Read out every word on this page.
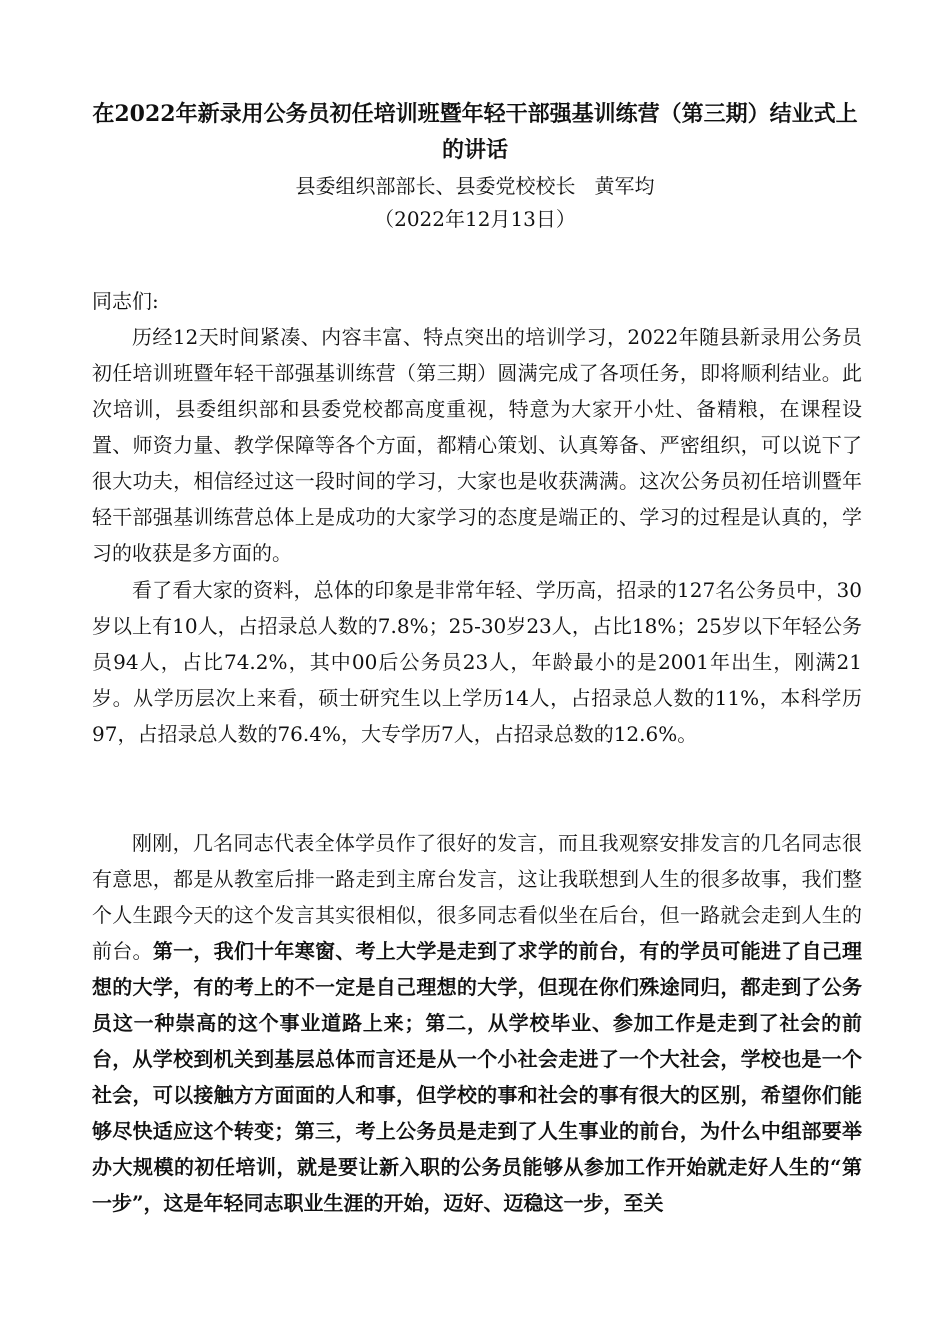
在2022年新录用公务员初任培训班暨年轻干部强基训练营（第三期）结业式上
的讲话
县委组织部部长、县委党校校长   黄军均
（2022年12月13日）
同志们:
历经12天时间紧凑、内容丰富、特点突出的培训学习，2022年随县新录用公务员初任培训班暨年轻干部强基训练营（第三期）圆满完成了各项任务，即将顺利结业。此次培训，县委组织部和县委党校都高度重视，特意为大家开小灶、备精粮，在课程设置、师资力量、教学保障等各个方面，都精心策划、认真筹备、严密组织，可以说下了很大功夫，相信经过这一段时间的学习，大家也是收获满满。这次公务员初任培训暨年轻干部强基训练营总体上是成功的大家学习的态度是端正的、学习的过程是认真的，学习的收获是多方面的。
看了看大家的资料，总体的印象是非常年轻、学历高，招录的127名公务员中，30岁以上有10人，占招录总人数的7.8%；25-30岁23人，占比18%；25岁以下年轻公务员94人，占比74.2%，其中00后公务员23人，年龄最小的是2001年出生，刚满21岁。从学历层次上来看，硕士研究生以上学历14人，占招录总人数的11%，本科学历97，占招录总人数的76.4%，大专学历7人，占招录总数的12.6%。
刚刚，几名同志代表全体学员作了很好的发言，而且我观察安排发言的几名同志很有意思，都是从教室后排一路走到主席台发言，这让我联想到人生的很多故事，我们整个人生跟今天的这个发言其实很相似，很多同志看似坐在后台，但一路就会走到人生的前台。第一，我们十年寒窗、考上大学是走到了求学的前台，有的学员可能进了自己理想的大学，有的考上的不一定是自己理想的大学，但现在你们殊途同归，都走到了公务员这一种崇高的这个事业道路上来；第二，从学校毕业、参加工作是走到了社会的前台，从学校到机关到基层总体而言还是从一个小社会走进了一个大社会，学校也是一个社会，可以接触方方面面的人和事，但学校的事和社会的事有很大的区别，希望你们能够尽快适应这个转变；第三，考上公务员是走到了人生事业的前台，为什么中组部要举办大规模的初任培训，就是要让新入职的公务员能够从参加工作开始就走好人生的“第一步”，这是年轻同志职业生涯的开始，迈好、迈稳这一步，至关
